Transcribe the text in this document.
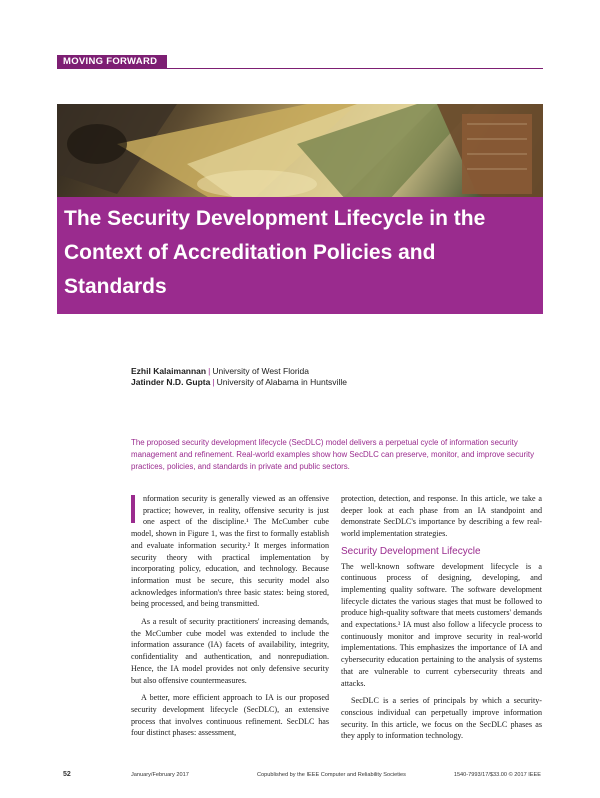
MOVING FORWARD
The Security Development Lifecycle in the Context of Accreditation Policies and Standards
Ezhil Kalaimannan | University of West Florida
Jatinder N.D. Gupta | University of Alabama in Huntsville
The proposed security development lifecycle (SecDLC) model delivers a perpetual cycle of information security management and refinement. Real-world examples show how SecDLC can preserve, monitor, and improve security practices, policies, and standards in private and public sectors.

nformation security is generally viewed as an offensive practice; however, in reality, offensive security is just one aspect of the discipline.¹ The McCumber cube model, shown in Figure 1, was the first to formally establish and evaluate information security.² It merges information security theory with practical implementation by incorporating policy, education, and technology. Because information must be secure, this security model also acknowledges information's three basic states: being stored, being processed, and being transmitted.

As a result of security practitioners' increasing demands, the McCumber cube model was extended to include the information assurance (IA) facets of availability, integrity, confidentiality and authentication, and nonrepudiation. Hence, the IA model provides not only defensive security but also offensive countermeasures.

A better, more efficient approach to IA is our proposed security development lifecycle (SecDLC), an extensive process that involves continuous refinement. SecDLC has four distinct phases: assessment,

protection, detection, and response. In this article, we take a deeper look at each phase from an IA standpoint and demonstrate SecDLC's importance by describing a few real-world implementation strategies.

Security Development Lifecycle

The well-known software development lifecycle is a continuous process of designing, developing, and implementing quality software. The software development lifecycle dictates the various stages that must be followed to produce high-quality software that meets customers' demands and expectations.³ IA must also follow a lifecycle process to continuously monitor and improve security in real-world implementations. This emphasizes the importance of IA and cybersecurity education pertaining to the analysis of systems that are vulnerable to current cybersecurity threats and attacks.

SecDLC is a series of principals by which a security-conscious individual can perpetually improve information security. In this article, we focus on the SecDLC phases as they apply to information technology.

52	January/February 2017	Copublished by the IEEE Computer and Reliability Societies	1540-7993/17/$33.00 © 2017 IEEE
